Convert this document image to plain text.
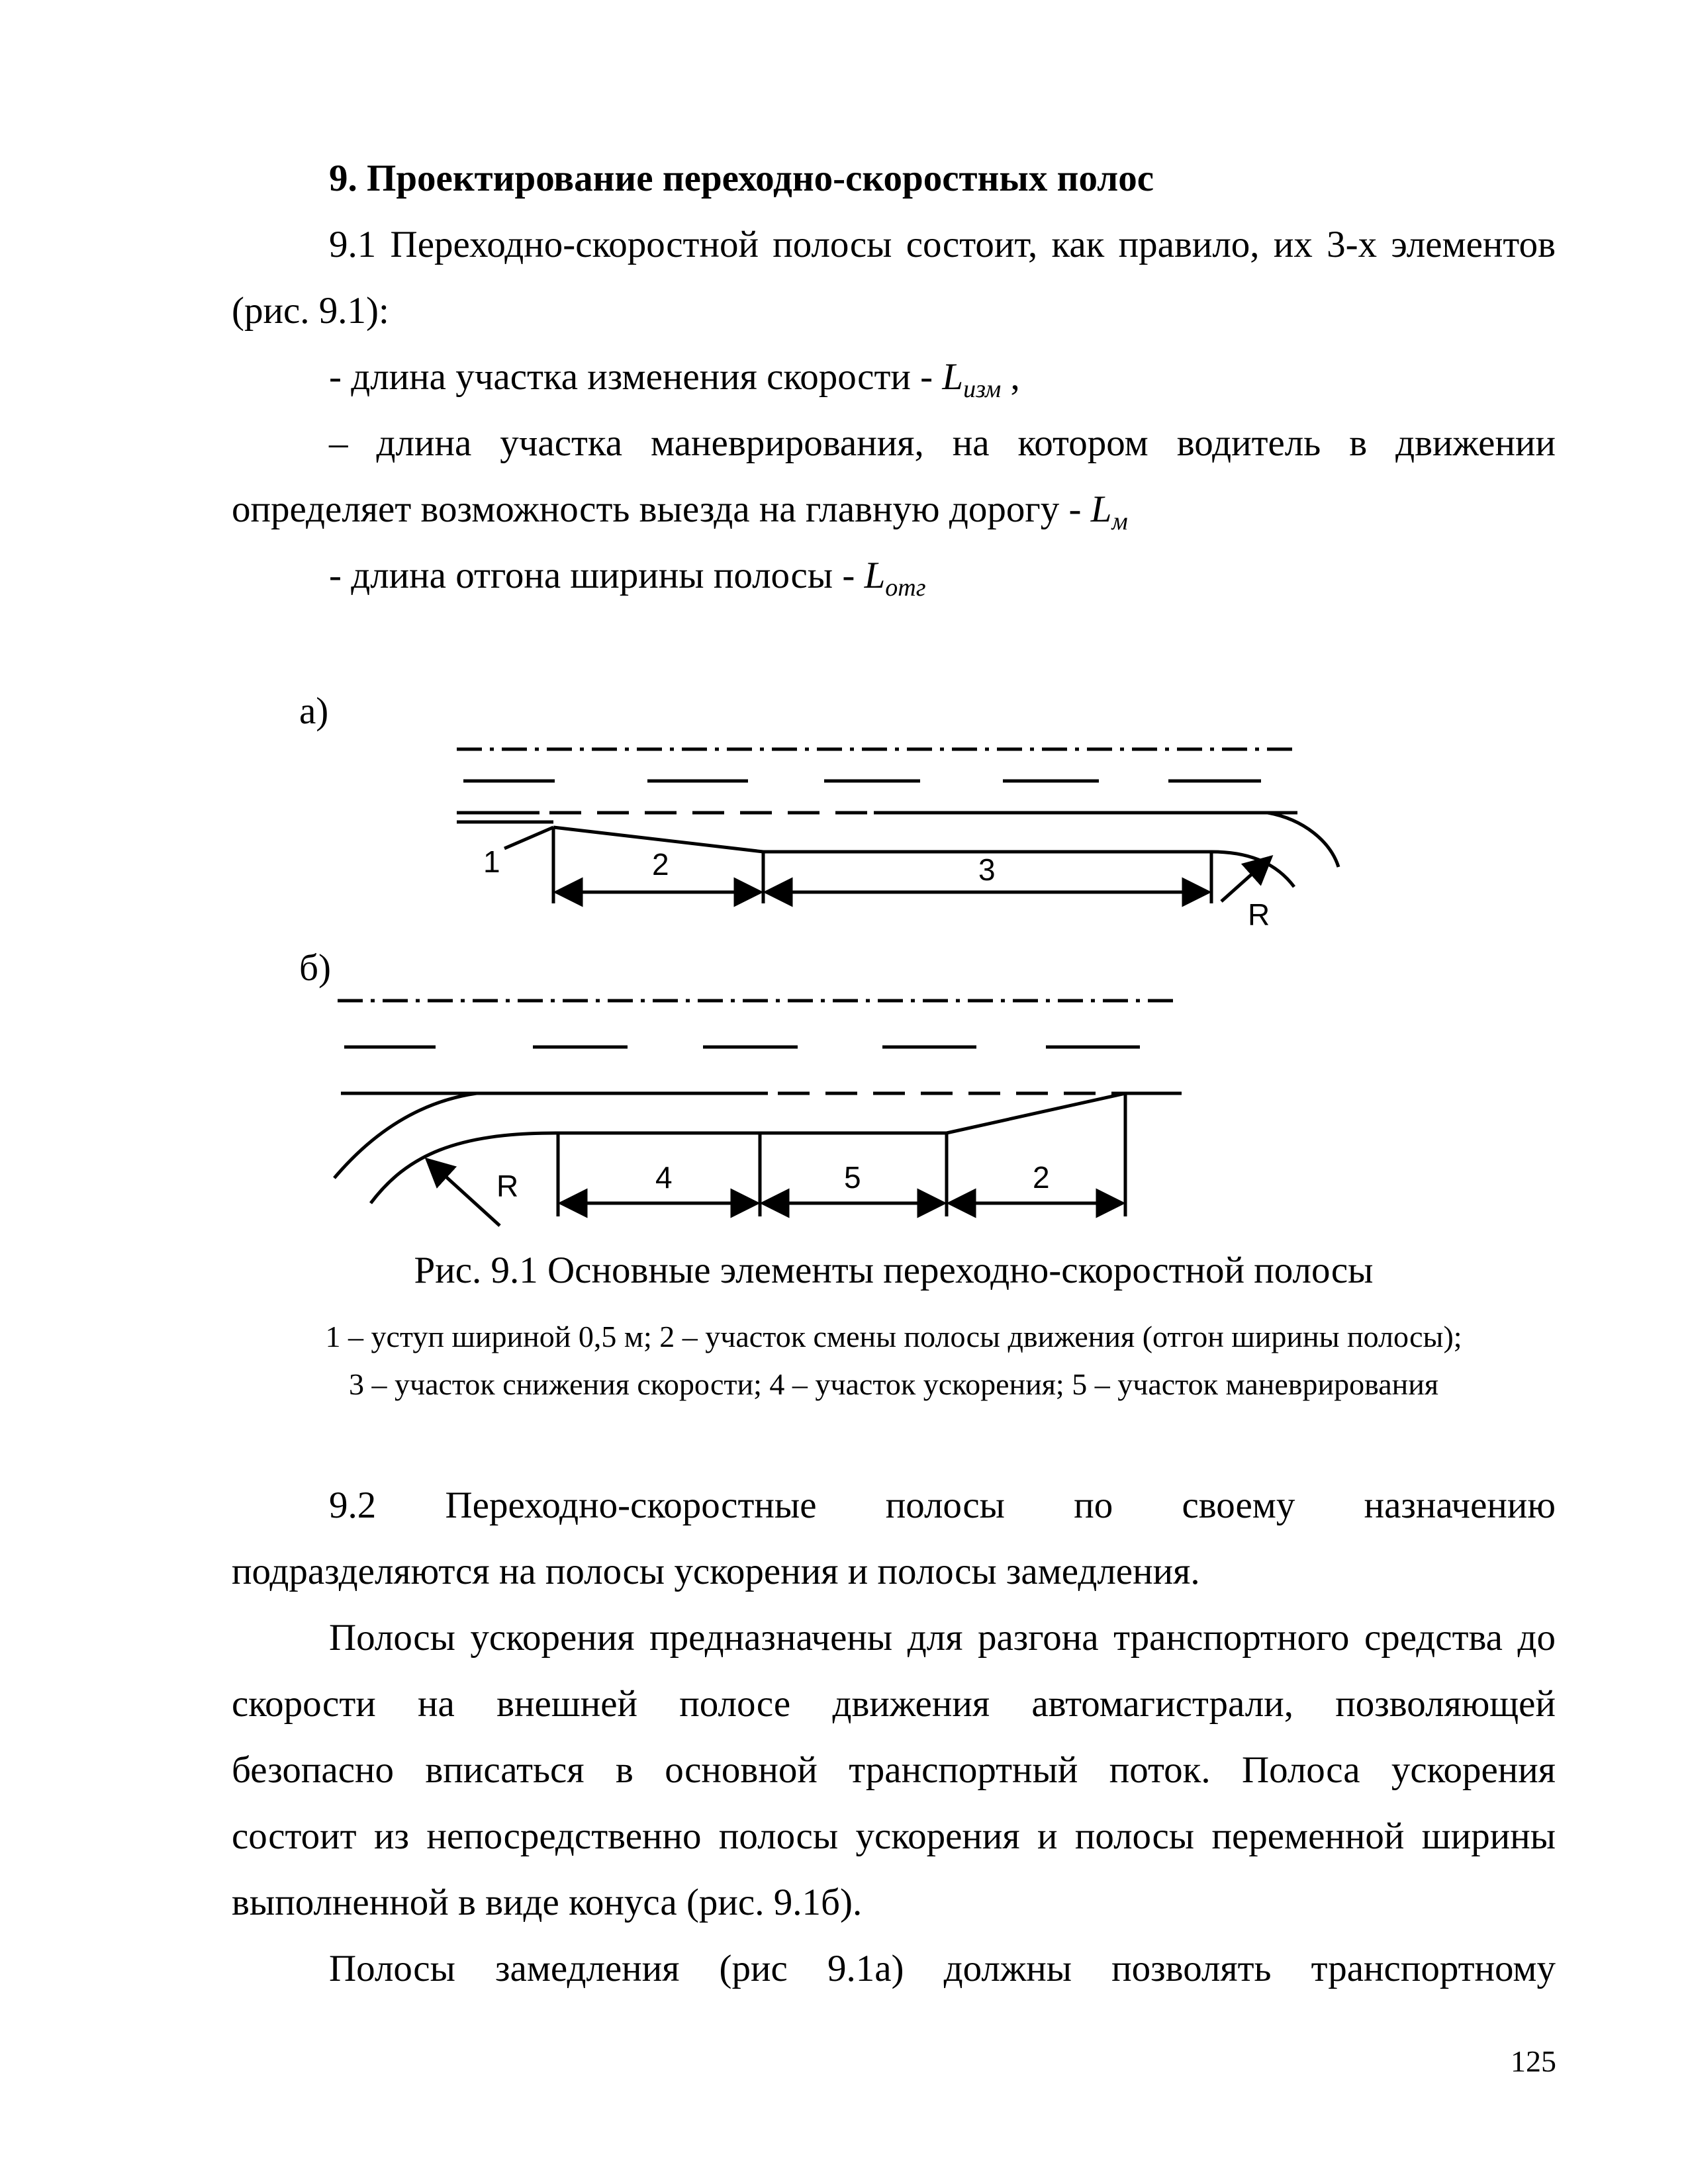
9. Проектирование переходно-скоростных полос
9.1 Переходно-скоростной полосы состоит, как правило, их 3-х элементов
(рис. 9.1):
- длина участка изменения скорости - $L_{изм}$ ,
– длина участка маневрирования, на котором водитель в движении
определяет возможность выезда на главную дорогу - $L_м$
- длина отгона ширины полосы - $L_{отг}$
а)
б)
1	2	3
R
R	4	5	2
Рис. 9.1 Основные элементы переходно-скоростной полосы
1 – уступ шириной 0,5 м; 2 – участок смены полосы движения (отгон ширины полосы);
3 – участок снижения скорости; 4 – участок ускорения; 5 – участок маневрирования
9.2 Переходно-скоростные полосы по своему назначению
подразделяются на полосы ускорения и полосы замедления.
Полосы ускорения предназначены для разгона транспортного средства до
скорости на внешней полосе движения автомагистрали, позволяющей
безопасно вписаться в основной транспортный поток. Полоса ускорения
состоит из непосредственно полосы ускорения и полосы переменной ширины
выполненной в виде конуса (рис. 9.1б).
Полосы замедления (рис 9.1а) должны позволять транспортному
125
